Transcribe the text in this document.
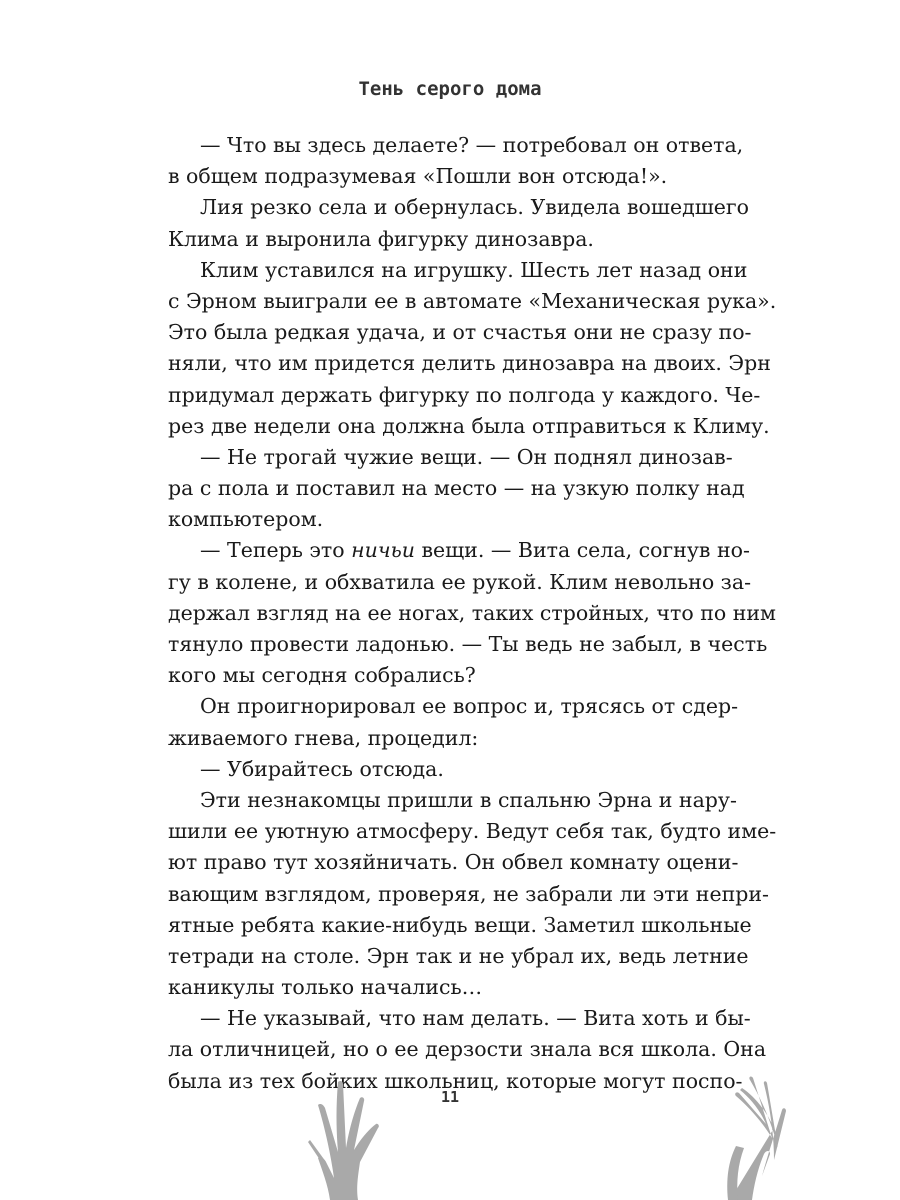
Тень серого дома
— Что вы здесь делаете? — потребовал он ответа,
в общем подразумевая «Пошли вон отсюда!».
Лия резко села и обернулась. Увидела вошедшего
Клима и выронила фигурку динозавра.
Клим уставился на игрушку. Шесть лет назад они
с Эрном выиграли ее в автомате «Механическая рука».
Это была редкая удача, и от счастья они не сразу по-
няли, что им придется делить динозавра на двоих. Эрн
придумал держать фигурку по полгода у каждого. Че-
рез две недели она должна была отправиться к Климу.
— Не трогай чужие вещи. — Он поднял динозав-
ра с пола и поставил на место — на узкую полку над
компьютером.
— Теперь это ничьи вещи. — Вита села, согнув но-
гу в колене, и обхватила ее рукой. Клим невольно за-
держал взгляд на ее ногах, таких стройных, что по ним
тянуло провести ладонью. — Ты ведь не забыл, в честь
кого мы сегодня собрались?
Он проигнорировал ее вопрос и, трясясь от сдер-
живаемого гнева, процедил:
— Убирайтесь отсюда.
Эти незнакомцы пришли в спальню Эрна и нару-
шили ее уютную атмосферу. Ведут себя так, будто име-
ют право тут хозяйничать. Он обвел комнату оцени-
вающим взглядом, проверяя, не забрали ли эти непри-
ятные ребята какие-нибудь вещи. Заметил школьные
тетради на столе. Эрн так и не убрал их, ведь летние
каникулы только начались…
— Не указывай, что нам делать. — Вита хоть и бы-
ла отличницей, но о ее дерзости знала вся школа. Она
была из тех бойких школьниц, которые могут поспо-
11
